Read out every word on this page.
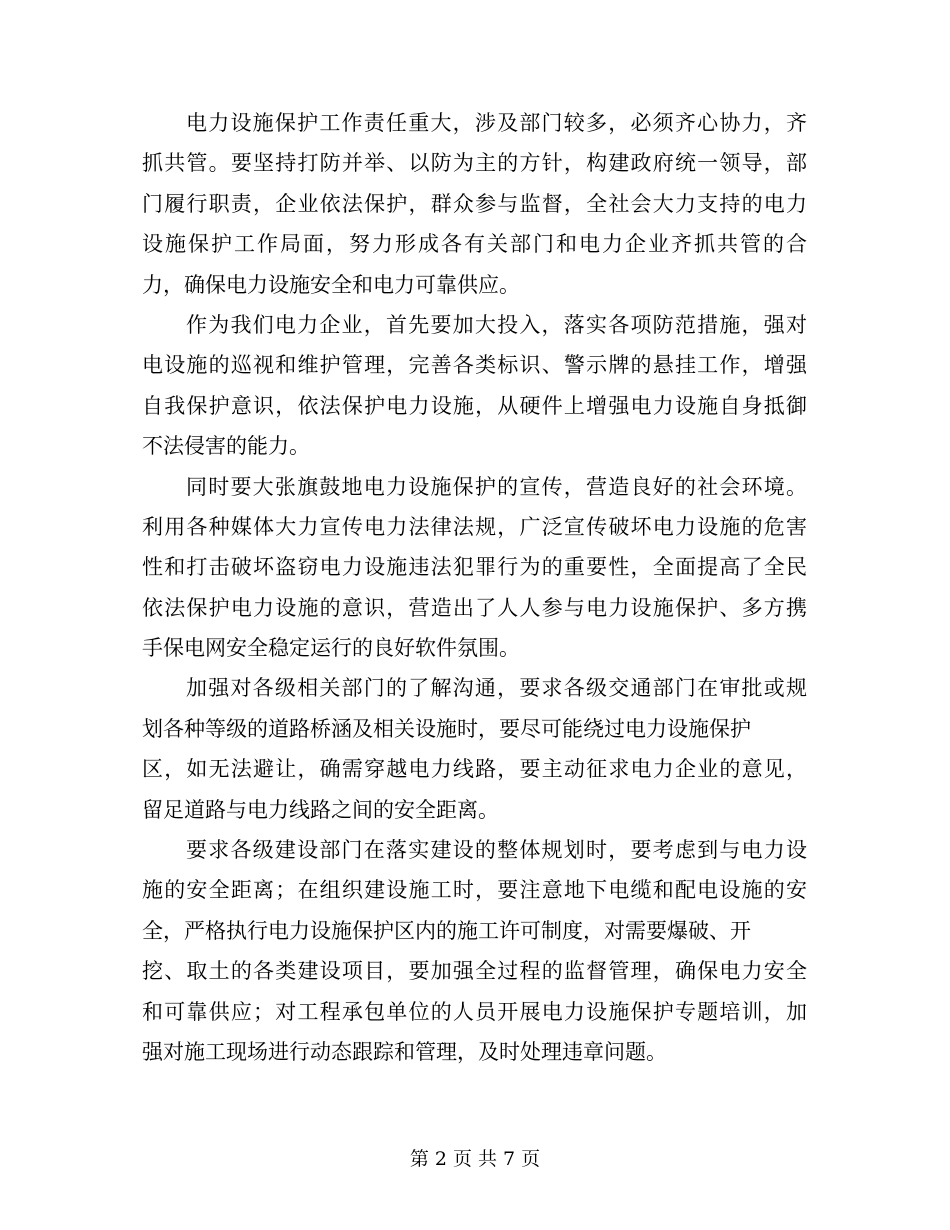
电力设施保护工作责任重大，涉及部门较多，必须齐心协力，齐
抓共管。要坚持打防并举、以防为主的方针，构建政府统一领导，部
门履行职责，企业依法保护，群众参与监督，全社会大力支持的电力
设施保护工作局面，努力形成各有关部门和电力企业齐抓共管的合
力，确保电力设施安全和电力可靠供应。
作为我们电力企业，首先要加大投入，落实各项防范措施，强对
电设施的巡视和维护管理，完善各类标识、警示牌的悬挂工作，增强
自我保护意识，依法保护电力设施，从硬件上增强电力设施自身抵御
不法侵害的能力。
同时要大张旗鼓地电力设施保护的宣传，营造良好的社会环境。
利用各种媒体大力宣传电力法律法规，广泛宣传破坏电力设施的危害
性和打击破坏盗窃电力设施违法犯罪行为的重要性，全面提高了全民
依法保护电力设施的意识，营造出了人人参与电力设施保护、多方携
手保电网安全稳定运行的良好软件氛围。
加强对各级相关部门的了解沟通，要求各级交通部门在审批或规
划各种等级的道路桥涵及相关设施时，要尽可能绕过电力设施保护
区，如无法避让，确需穿越电力线路，要主动征求电力企业的意见，
留足道路与电力线路之间的安全距离。
要求各级建设部门在落实建设的整体规划时，要考虑到与电力设
施的安全距离；在组织建设施工时，要注意地下电缆和配电设施的安
全，严格执行电力设施保护区内的施工许可制度，对需要爆破、开
挖、取土的各类建设项目，要加强全过程的监督管理，确保电力安全
和可靠供应；对工程承包单位的人员开展电力设施保护专题培训，加
强对施工现场进行动态跟踪和管理，及时处理违章问题。
第 2 页 共 7 页
